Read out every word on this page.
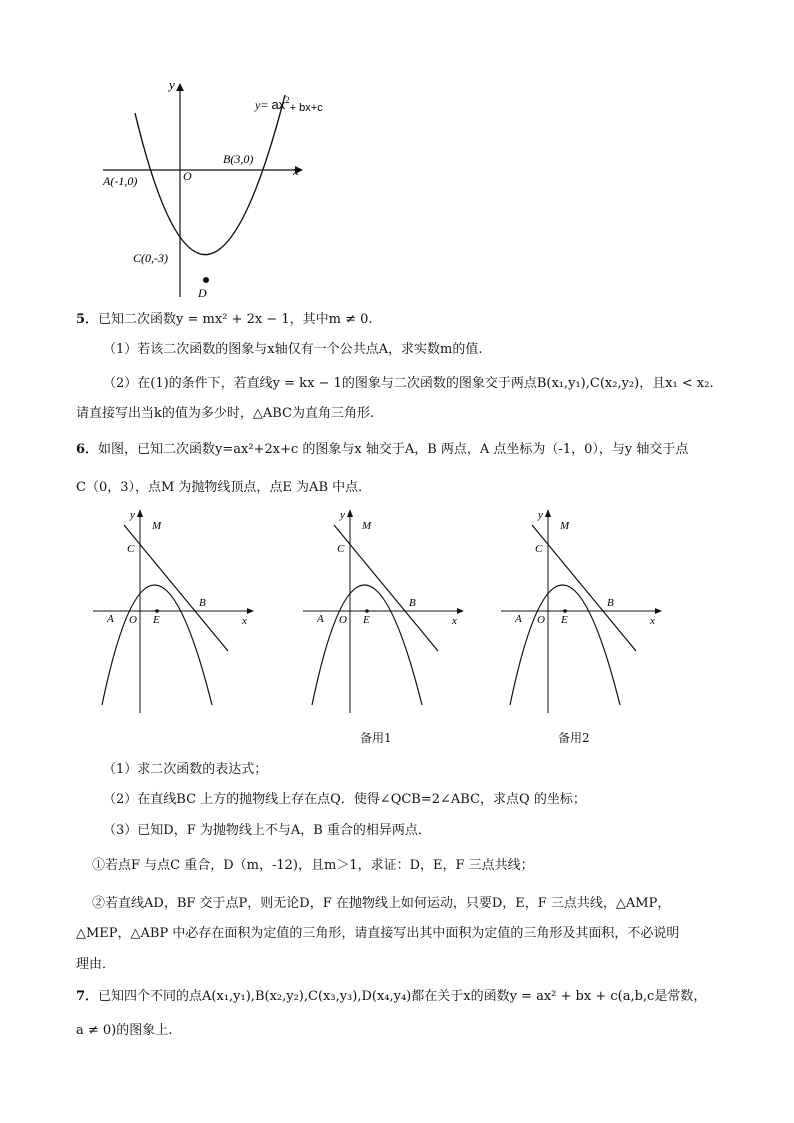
y
x
$y= ax^2+ bx+c$
B(3,0)
A(-1,0)	O
C(0,-3)
D
5．已知二次函数y = mx² + 2x − 1，其中m ≠ 0.
（1）若该二次函数的图象与x轴仅有一个公共点A，求实数m的值.
（2）在(1)的条件下，若直线y = kx − 1的图象与二次函数的图象交于两点B(x₁,y₁),C(x₂,y₂)，且x₁ < x₂.
请直接写出当k的值为多少时，△ABC为直角三角形.
6．如图，已知二次函数y=ax²+2x+c 的图象与x 轴交于A，B 两点，A 点坐标为（-1，0），与y 轴交于点
C（0，3），点M 为抛物线顶点，点E 为AB 中点．
y
x
M
C
B
A O E
y
x
M
C
B
A O E
y
x
M
C
B
A O E
备用1	备用2
（1）求二次函数的表达式；
（2）在直线BC 上方的抛物线上存在点Q．使得∠QCB=2∠ABC，求点Q 的坐标；
（3）已知D，F 为抛物线上不与A，B 重合的相异两点．
①若点F 与点C 重合，D（m，-12)，且m＞1，求证：D，E，F 三点共线；
②若直线AD，BF 交于点P，则无论D，F 在抛物线上如何运动，只要D，E，F 三点共线，△AMP，
△MEP，△ABP 中必存在面积为定值的三角形，请直接写出其中面积为定值的三角形及其面积，不必说明
理由．
7．已知四个不同的点A(x₁,y₁),B(x₂,y₂),C(x₃,y₃),D(x₄,y₄)都在关于x的函数y = ax² + bx + c(a,b,c是常数，
a ≠ 0)的图象上.
